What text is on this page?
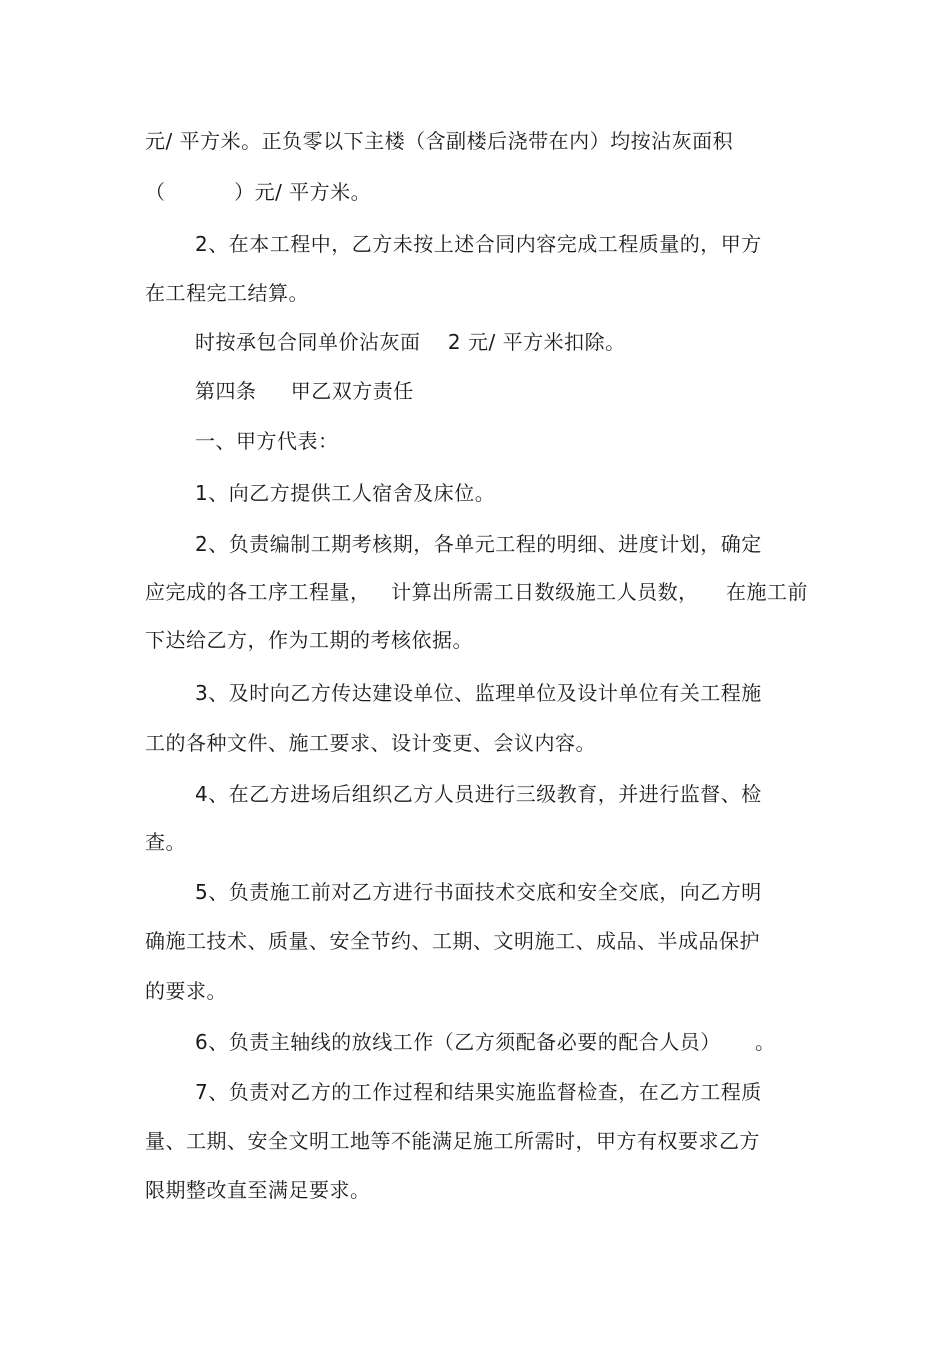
元/ 平方米。正负零以下主楼（含副楼后浇带在内）均按沾灰面积
（          ）元/ 平方米。
2、在本工程中，乙方未按上述合同内容完成工程质量的，甲方
在工程完工结算。
时按承包合同单价沾灰面    2 元/ 平方米扣除。
第四条     甲乙双方责任
一、甲方代表：
1、向乙方提供工人宿舍及床位。
2、负责编制工期考核期，各单元工程的明细、进度计划，确定
应完成的各工序工程量，   计算出所需工日数级施工人员数，    在施工前
下达给乙方，作为工期的考核依据。
3、及时向乙方传达建设单位、监理单位及设计单位有关工程施
工的各种文件、施工要求、设计变更、会议内容。
4、在乙方进场后组织乙方人员进行三级教育，并进行监督、检
查。
5、负责施工前对乙方进行书面技术交底和安全交底，向乙方明
确施工技术、质量、安全节约、工期、文明施工、成品、半成品保护
的要求。
6、负责主轴线的放线工作（乙方须配备必要的配合人员）     。
7、负责对乙方的工作过程和结果实施监督检查，在乙方工程质
量、工期、安全文明工地等不能满足施工所需时，甲方有权要求乙方
限期整改直至满足要求。
